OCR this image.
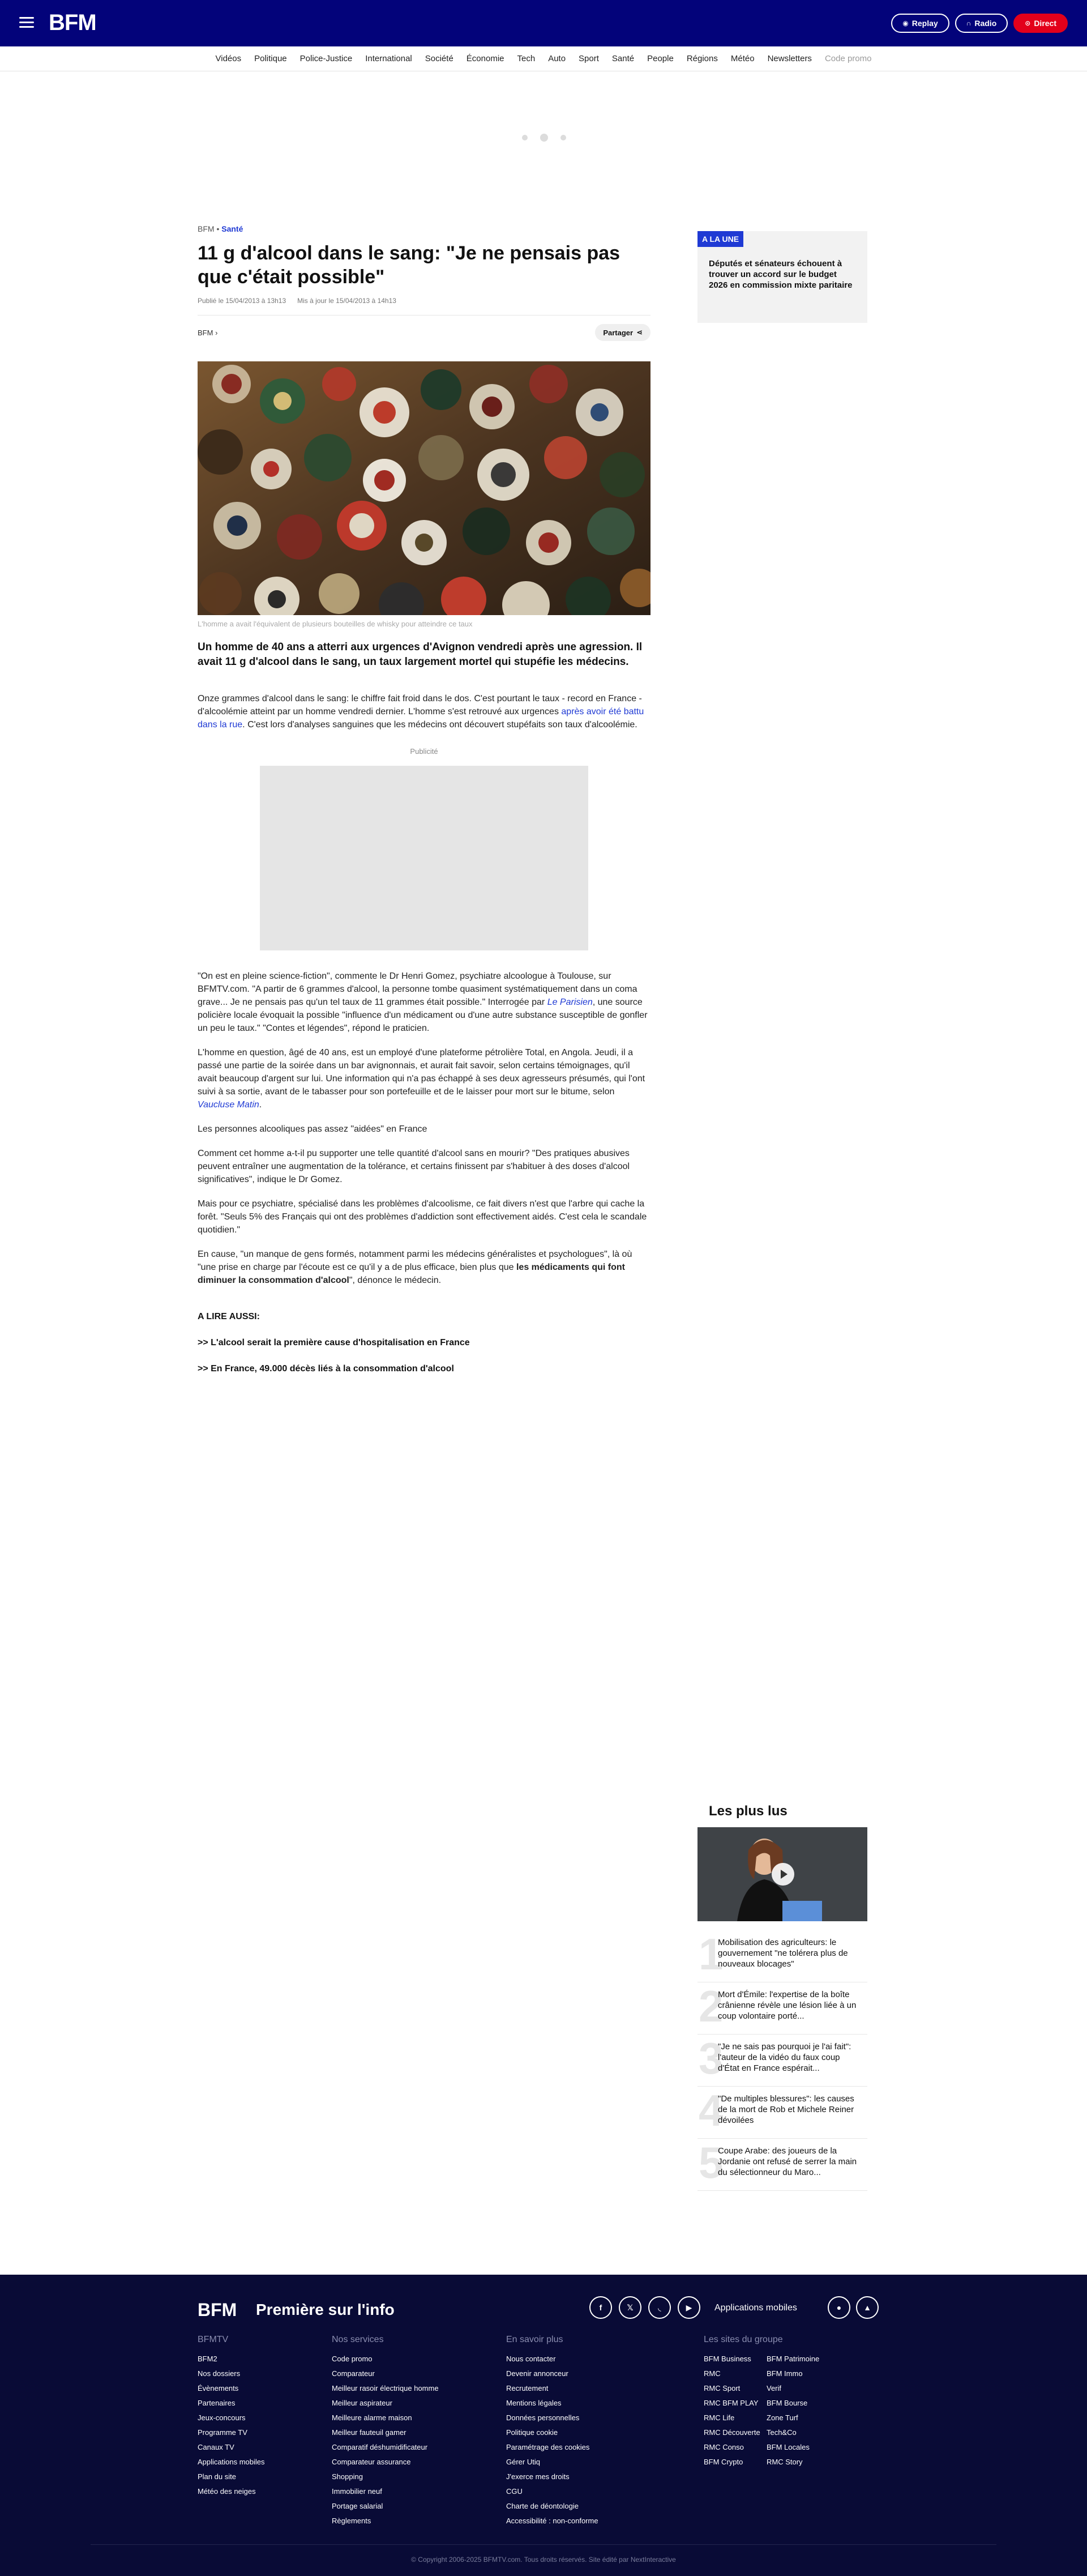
BFM	◉ Replay	∩ Radio	⊙ Direct
Vidéos Politique Police-Justice International Société Économie Tech Auto Sport Santé People Régions Météo Newsletters Code promo
BFM • Santé
11 g d'alcool dans le sang: "Je ne pensais pas que c'était possible"
Publié le 15/04/2013 à 13h13 Mis à jour le 15/04/2013 à 14h13
BFM ›	Partager ⋖
L'homme a avait l'équivalent de plusieurs bouteilles de whisky pour atteindre ce taux
Un homme de 40 ans a atterri aux urgences d'Avignon vendredi après une agression. Il avait 11 g d'alcool dans le sang, un taux largement mortel qui stupéfie les médecins.

Onze grammes d'alcool dans le sang: le chiffre fait froid dans le dos. C'est pourtant le taux - record en France - d'alcoolémie atteint par un homme vendredi dernier. L'homme s'est retrouvé aux urgences après avoir été battu dans la rue. C'est lors d'analyses sanguines que les médecins ont découvert stupéfaits son taux d'alcoolémie.

Publicité

"On est en pleine science-fiction", commente le Dr Henri Gomez, psychiatre alcoologue à Toulouse, sur BFMTV.com. "A partir de 6 grammes d'alcool, la personne tombe quasiment systématiquement dans un coma grave... Je ne pensais pas qu'un tel taux de 11 grammes était possible." Interrogée par Le Parisien, une source policière locale évoquait la possible "influence d'un médicament ou d'une autre substance susceptible de gonfler un peu le taux." "Contes et légendes", répond le praticien.

L'homme en question, âgé de 40 ans, est un employé d'une plateforme pétrolière Total, en Angola. Jeudi, il a passé une partie de la soirée dans un bar avignonnais, et aurait fait savoir, selon certains témoignages, qu'il avait beaucoup d'argent sur lui. Une information qui n'a pas échappé à ses deux agresseurs présumés, qui l'ont suivi à sa sortie, avant de le tabasser pour son portefeuille et de le laisser pour mort sur le bitume, selon Vaucluse Matin.

Les personnes alcooliques pas assez "aidées" en France

Comment cet homme a-t-il pu supporter une telle quantité d'alcool sans en mourir? "Des pratiques abusives peuvent entraîner une augmentation de la tolérance, et certains finissent par s'habituer à des doses d'alcool significatives", indique le Dr Gomez.

Mais pour ce psychiatre, spécialisé dans les problèmes d'alcoolisme, ce fait divers n'est que l'arbre qui cache la forêt. "Seuls 5% des Français qui ont des problèmes d'addiction sont effectivement aidés. C'est cela le scandale quotidien."

En cause, "un manque de gens formés, notamment parmi les médecins généralistes et psychologues", là où "une prise en charge par l'écoute est ce qu'il y a de plus efficace, bien plus que les médicaments qui font diminuer la consommation d'alcool", dénonce le médecin.

A LIRE AUSSI:
>> L'alcool serait la première cause d'hospitalisation en France
>> En France, 49.000 décès liés à la consommation d'alcool
A LA UNE
Députés et sénateurs échouent à trouver un accord sur le budget 2026 en commission mixte paritaire
Les plus lus
1
Mobilisation des agriculteurs: le gouvernement "ne tolérera plus de nouveaux blocages"
2
Mort d'Émile: l'expertise de la boîte crânienne révèle une lésion liée à un coup volontaire porté...
3
"Je ne sais pas pourquoi je l'ai fait": l'auteur de la vidéo du faux coup d'État en France espérait...
4
"De multiples blessures": les causes de la mort de Rob et Michele Reiner dévoilées
5
Coupe Arabe: des joueurs de la Jordanie ont refusé de serrer la main du sélectionneur du Maro...
BFM Première sur l'info	f	𝕏	◟	▶	Applications mobiles	●	▲
BFMTV
BFM2
Nos dossiers
Évènements
Partenaires
Jeux-concours
Programme TV
Canaux TV
Applications mobiles
Plan du site
Météo des neiges
Nos services
Code promo
Comparateur
Meilleur rasoir électrique homme
Meilleur aspirateur
Meilleure alarme maison
Meilleur fauteuil gamer
Comparatif déshumidificateur
Comparateur assurance
Shopping
Immobilier neuf
Portage salarial
Règlements
En savoir plus
Nous contacter
Devenir annonceur
Recrutement
Mentions légales
Données personnelles
Politique cookie
Paramétrage des cookies
Gérer Utiq
J'exerce mes droits
CGU
Charte de déontologie
Accessibilité : non-conforme
Les sites du groupe
BFM Business
RMC
RMC Sport
RMC BFM PLAY
RMC Life
RMC Découverte
RMC Conso
BFM Crypto
BFM Patrimoine
BFM Immo
Verif
BFM Bourse
Zone Turf
Tech&Co
BFM Locales
RMC Story
© Copyright 2006-2025 BFMTV.com. Tous droits réservés. Site édité par NextInteractive
